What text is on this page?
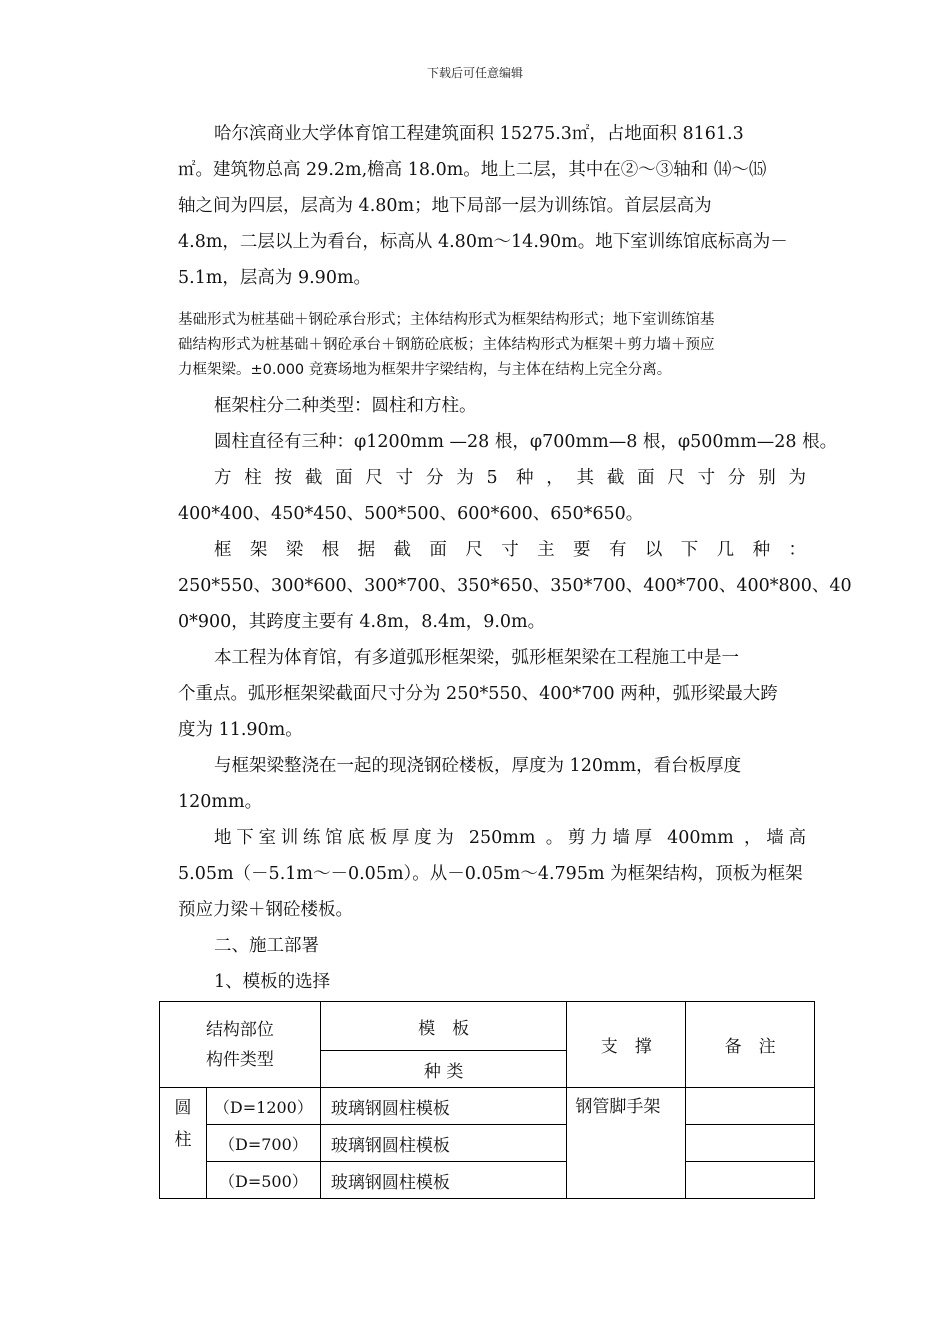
下载后可任意编辑
哈尔滨商业大学体育馆工程建筑面积 15275.3㎡，占地面积 8161.3
㎡。建筑物总高 29.2m,檐高 18.0m。地上二层，其中在②～③轴和 ⒁～⒂
轴之间为四层，层高为 4.80m；地下局部一层为训练馆。首层层高为
4.8m，二层以上为看台，标高从 4.80m～14.90m。地下室训练馆底标高为－
5.1m，层高为 9.90m。
基础形式为桩基础＋钢砼承台形式；主体结构形式为框架结构形式；地下室训练馆基
础结构形式为桩基础＋钢砼承台＋钢筋砼底板；主体结构形式为框架＋剪力墙＋预应
力框架梁。±0.000 竞赛场地为框架井字梁结构，与主体在结构上完全分离。
框架柱分二种类型：圆柱和方柱。
圆柱直径有三种：φ1200mm —28 根，φ700mm—8 根，φ500mm—28 根。
方柱按截面尺寸分为5 种，其截面尺寸分别为
400*400、450*450、500*500、600*600、650*650。
框架梁根据截面尺寸主要有以下几种：
250*550、300*600、300*700、350*650、350*700、400*700、400*800、40
0*900，其跨度主要有 4.8m，8.4m，9.0m。
本工程为体育馆，有多道弧形框架梁，弧形框架梁在工程施工中是一
个重点。弧形框架梁截面尺寸分为 250*550、400*700 两种，弧形梁最大跨
度为 11.90m。
与框架梁整浇在一起的现浇钢砼楼板，厚度为 120mm，看台板厚度
120mm。
地下室训练馆底板厚度为 250mm 。剪力墙厚 400mm ，墙高
5.05m（－5.1m～－0.05m）。从－0.05m～4.795m 为框架结构，顶板为框架
预应力梁＋钢砼楼板。
二、施工部署
1、模板的选择
结构部位
构件类型		模　板	支　撑	备　注
		种 类		
圆
柱	（D=1200）	玻璃钢圆柱模板	钢管脚手架	
	（D=700）	玻璃钢圆柱模板		
	（D=500）	玻璃钢圆柱模板		
